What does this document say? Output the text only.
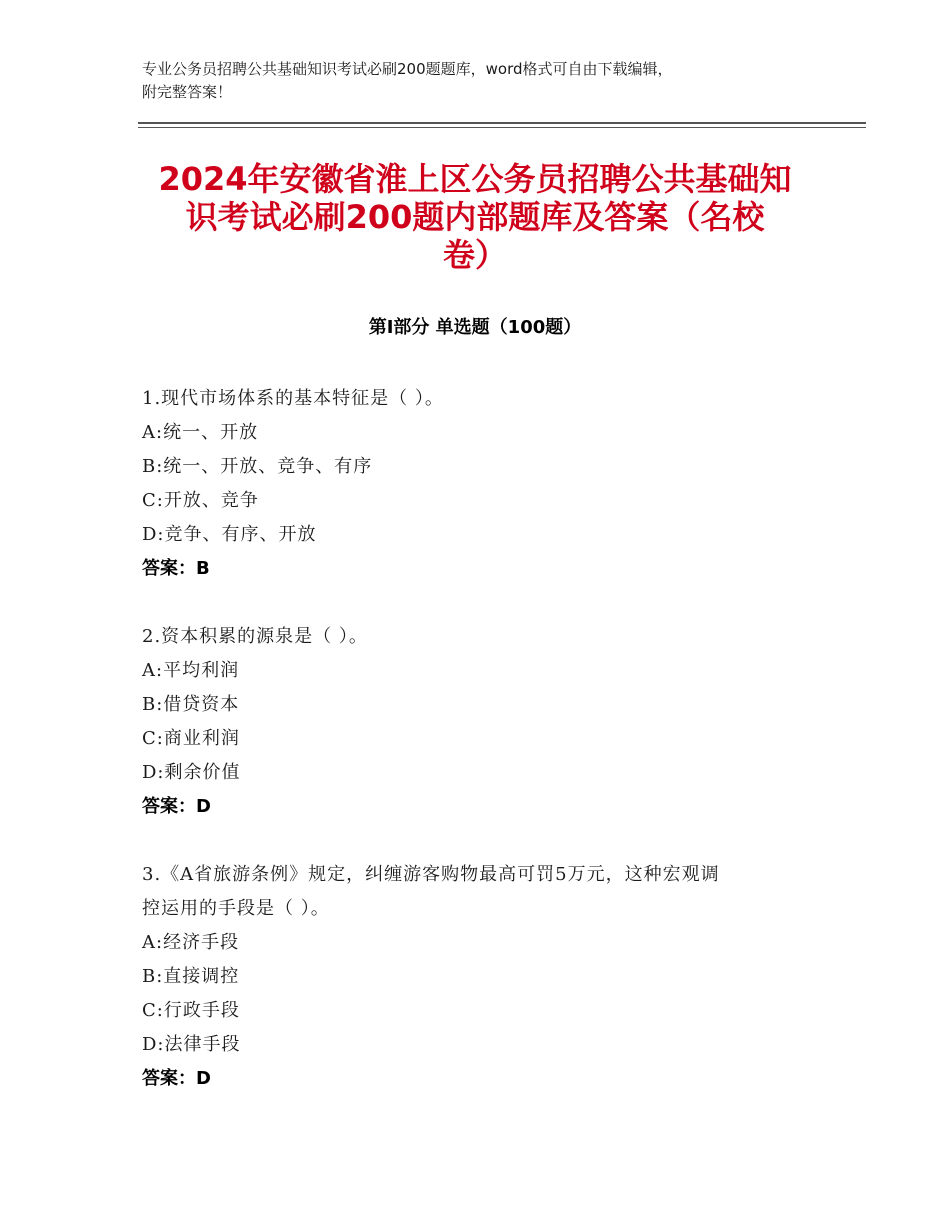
专业公务员招聘公共基础知识考试必刷200题题库，word格式可自由下载编辑，
附完整答案！
2024年安徽省淮上区公务员招聘公共基础知
识考试必刷200题内部题库及答案（名校
卷）
第Ⅰ部分 单选题（100题）
1.现代市场体系的基本特征是（ ）。
A:统一、开放
B:统一、开放、竞争、有序
C:开放、竞争
D:竞争、有序、开放
答案：B
2.资本积累的源泉是（ ）。
A:平均利润
B:借贷资本
C:商业利润
D:剩余价值
答案：D
3.《A省旅游条例》规定，纠缠游客购物最高可罚5万元，这种宏观调
控运用的手段是（ ）。
A:经济手段
B:直接调控
C:行政手段
D:法律手段
答案：D
